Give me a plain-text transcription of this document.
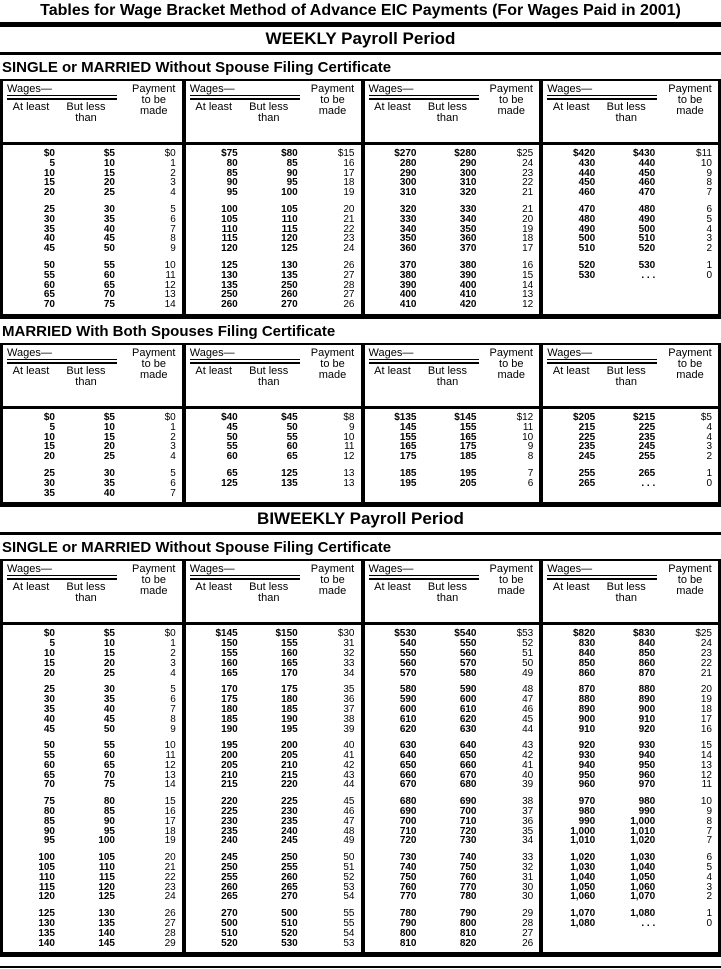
Tables for Wage Bracket Method of Advance EIC Payments (For Wages Paid in 2001)
WEEKLY Payroll Period
SINGLE or MARRIED Without Spouse Filing Certificate
Wages—
At least	But less than
Payment to be made
$0	$5	$0
5	10	1
10	15	2
15	20	3
20	25	4
25	30	5
30	35	6
35	40	7
40	45	8
45	50	9
50	55	10
55	60	11
60	65	12
65	70	13
70	75	14
Wages—
At least	But less than
Payment to be made
$75	$80	$15
80	85	16
85	90	17
90	95	18
95	100	19
100	105	20
105	110	21
110	115	22
115	120	23
120	125	24
125	130	26
130	135	27
135	250	28
250	260	27
260	270	26
Wages—
At least	But less than
Payment to be made
$270	$280	$25
280	290	24
290	300	23
300	310	22
310	320	21
320	330	21
330	340	20
340	350	19
350	360	18
360	370	17
370	380	16
380	390	15
390	400	14
400	410	13
410	420	12
Wages—
At least	But less than
Payment to be made
$420	$430	$11
430	440	10
440	450	9
450	460	8
460	470	7
470	480	6
480	490	5
490	500	4
500	510	3
510	520	2
520	530	1
530	. . .	0
MARRIED With Both Spouses Filing Certificate
Wages—
At least	But less than
Payment to be made
$0	$5	$0
5	10	1
10	15	2
15	20	3
20	25	4
25	30	5
30	35	6
35	40	7
Wages—
At least	But less than
Payment to be made
$40	$45	$8
45	50	9
50	55	10
55	60	11
60	65	12
65	125	13
125	135	13
Wages—
At least	But less than
Payment to be made
$135	$145	$12
145	155	11
155	165	10
165	175	9
175	185	8
185	195	7
195	205	6
Wages—
At least	But less than
Payment to be made
$205	$215	$5
215	225	4
225	235	4
235	245	3
245	255	2
255	265	1
265	. . .	0
BIWEEKLY Payroll Period
SINGLE or MARRIED Without Spouse Filing Certificate
Wages—
At least	But less than
Payment to be made
$0	$5	$0
5	10	1
10	15	2
15	20	3
20	25	4
25	30	5
30	35	6
35	40	7
40	45	8
45	50	9
50	55	10
55	60	11
60	65	12
65	70	13
70	75	14
75	80	15
80	85	16
85	90	17
90	95	18
95	100	19
100	105	20
105	110	21
110	115	22
115	120	23
120	125	24
125	130	26
130	135	27
135	140	28
140	145	29
Wages—
At least	But less than
Payment to be made
$145	$150	$30
150	155	31
155	160	32
160	165	33
165	170	34
170	175	35
175	180	36
180	185	37
185	190	38
190	195	39
195	200	40
200	205	41
205	210	42
210	215	43
215	220	44
220	225	45
225	230	46
230	235	47
235	240	48
240	245	49
245	250	50
250	255	51
255	260	52
260	265	53
265	270	54
270	500	55
500	510	55
510	520	54
520	530	53
Wages—
At least	But less than
Payment to be made
$530	$540	$53
540	550	52
550	560	51
560	570	50
570	580	49
580	590	48
590	600	47
600	610	46
610	620	45
620	630	44
630	640	43
640	650	42
650	660	41
660	670	40
670	680	39
680	690	38
690	700	37
700	710	36
710	720	35
720	730	34
730	740	33
740	750	32
750	760	31
760	770	30
770	780	30
780	790	29
790	800	28
800	810	27
810	820	26
Wages—
At least	But less than
Payment to be made
$820	$830	$25
830	840	24
840	850	23
850	860	22
860	870	21
870	880	20
880	890	19
890	900	18
900	910	17
910	920	16
920	930	15
930	940	14
940	950	13
950	960	12
960	970	11
970	980	10
980	990	9
990	1,000	8
1,000	1,010	7
1,010	1,020	7
1,020	1,030	6
1,030	1,040	5
1,040	1,050	4
1,050	1,060	3
1,060	1,070	2
1,070	1,080	1
1,080	. . .	0
